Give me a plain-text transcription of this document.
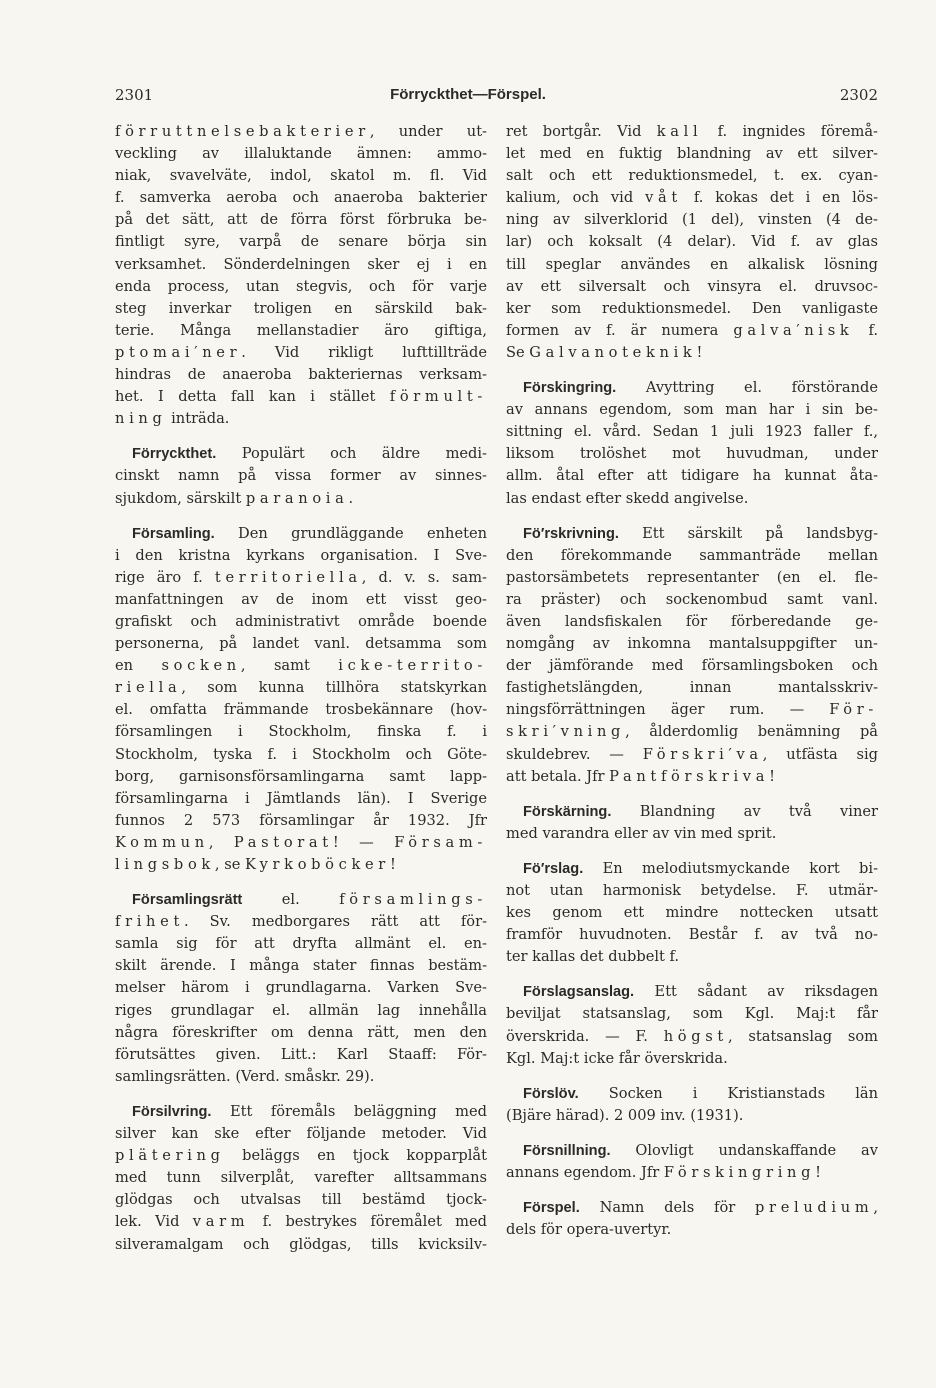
2301	Förryckthet—Förspel.	2302
förruttnelsebakterier, under ut-
veckling av illaluktande ämnen: ammo-
niak, svavelväte, indol, skatol m. fl. Vid
f. samverka aeroba och anaeroba bakterier
på det sätt, att de förra först förbruka be-
fintligt syre, varpå de senare börja sin
verksamhet. Sönderdelningen sker ej i en
enda process, utan stegvis, och för varje
steg inverkar troligen en särskild bak-
terie. Många mellanstadier äro giftiga,
ptomai′ner. Vid rikligt lufttillträde
hindras de anaeroba bakteriernas verksam-
het. I detta fall kan i stället förmult-
ning inträda.
Förryckthet. Populärt och äldre medi-
cinskt namn på vissa former av sinnes-
sjukdom, särskilt paranoia.
Församling. Den grundläggande enheten
i den kristna kyrkans organisation. I Sve-
rige äro f. territoriella, d. v. s. sam-
manfattningen av de inom ett visst geo-
grafiskt och administrativt område boende
personerna, på landet vanl. detsamma som
en socken, samt icke-territo-
riella, som kunna tillhöra statskyrkan
el. omfatta främmande trosbekännare (hov-
församlingen i Stockholm, finska f. i
Stockholm, tyska f. i Stockholm och Göte-
borg, garnisonsförsamlingarna samt lapp-
församlingarna i Jämtlands län). I Sverige
funnos 2 573 församlingar år 1932. Jfr
Kommun, Pastorat! — Försam-
lingsbok, se Kyrkoböcker!
Församlingsrätt el. församlings-
frihet. Sv. medborgares rätt att för-
samla sig för att dryfta allmänt el. en-
skilt ärende. I många stater finnas bestäm-
melser härom i grundlagarna. Varken Sve-
riges grundlagar el. allmän lag innehålla
några föreskrifter om denna rätt, men den
förutsättes given. Litt.: Karl Staaff: För-
samlingsrätten. (Verd. småskr. 29).
Försilvring. Ett föremåls beläggning med
silver kan ske efter följande metoder. Vid
plätering beläggs en tjock kopparplåt
med tunn silverplåt, varefter alltsammans
glödgas och utvalsas till bestämd tjock-
lek. Vid varm f. bestrykes föremålet med
silveramalgam och glödgas, tills kvicksilv-
ret bortgår. Vid kall f. ingnides föremå-
let med en fuktig blandning av ett silver-
salt och ett reduktionsmedel, t. ex. cyan-
kalium, och vid våt f. kokas det i en lös-
ning av silverklorid (1 del), vinsten (4 de-
lar) och koksalt (4 delar). Vid f. av glas
till speglar användes en alkalisk lösning
av ett silversalt och vinsyra el. druvsoc-
ker som reduktionsmedel. Den vanligaste
formen av f. är numera galva′nisk f.
Se Galvanoteknik!
Förskingring. Avyttring el. förstörande
av annans egendom, som man har i sin be-
sittning el. vård. Sedan 1 juli 1923 faller f.,
liksom trolöshet mot huvudman, under
allm. åtal efter att tidigare ha kunnat åta-
las endast efter skedd angivelse.
Fö′rskrivning. Ett särskilt på landsbyg-
den förekommande sammanträde mellan
pastorsämbetets representanter (en el. fle-
ra präster) och sockenombud samt vanl.
även landsfiskalen för förberedande ge-
nomgång av inkomna mantalsuppgifter un-
der jämförande med församlingsboken och
fastighetslängden, innan mantalsskriv-
ningsförrättningen äger rum. — För-
skri′vning, ålderdomlig benämning på
skuldebrev. — Förskri′va, utfästa sig
att betala. Jfr Pantförskriva!
Förskärning. Blandning av två viner
med varandra eller av vin med sprit.
Fö′rslag. En melodiutsmyckande kort bi-
not utan harmonisk betydelse. F. utmär-
kes genom ett mindre nottecken utsatt
framför huvudnoten. Består f. av två no-
ter kallas det dubbelt f.
Förslagsanslag. Ett sådant av riksdagen
beviljat statsanslag, som Kgl. Maj:t får
överskrida. — F. högst, statsanslag som
Kgl. Maj:t icke får överskrida.
Förslöv. Socken i Kristianstads län
(Bjäre härad). 2 009 inv. (1931).
Försnillning. Olovligt undanskaffande av
annans egendom. Jfr Förskingring!
Förspel. Namn dels för preludium,
dels för opera-uvertyr.
